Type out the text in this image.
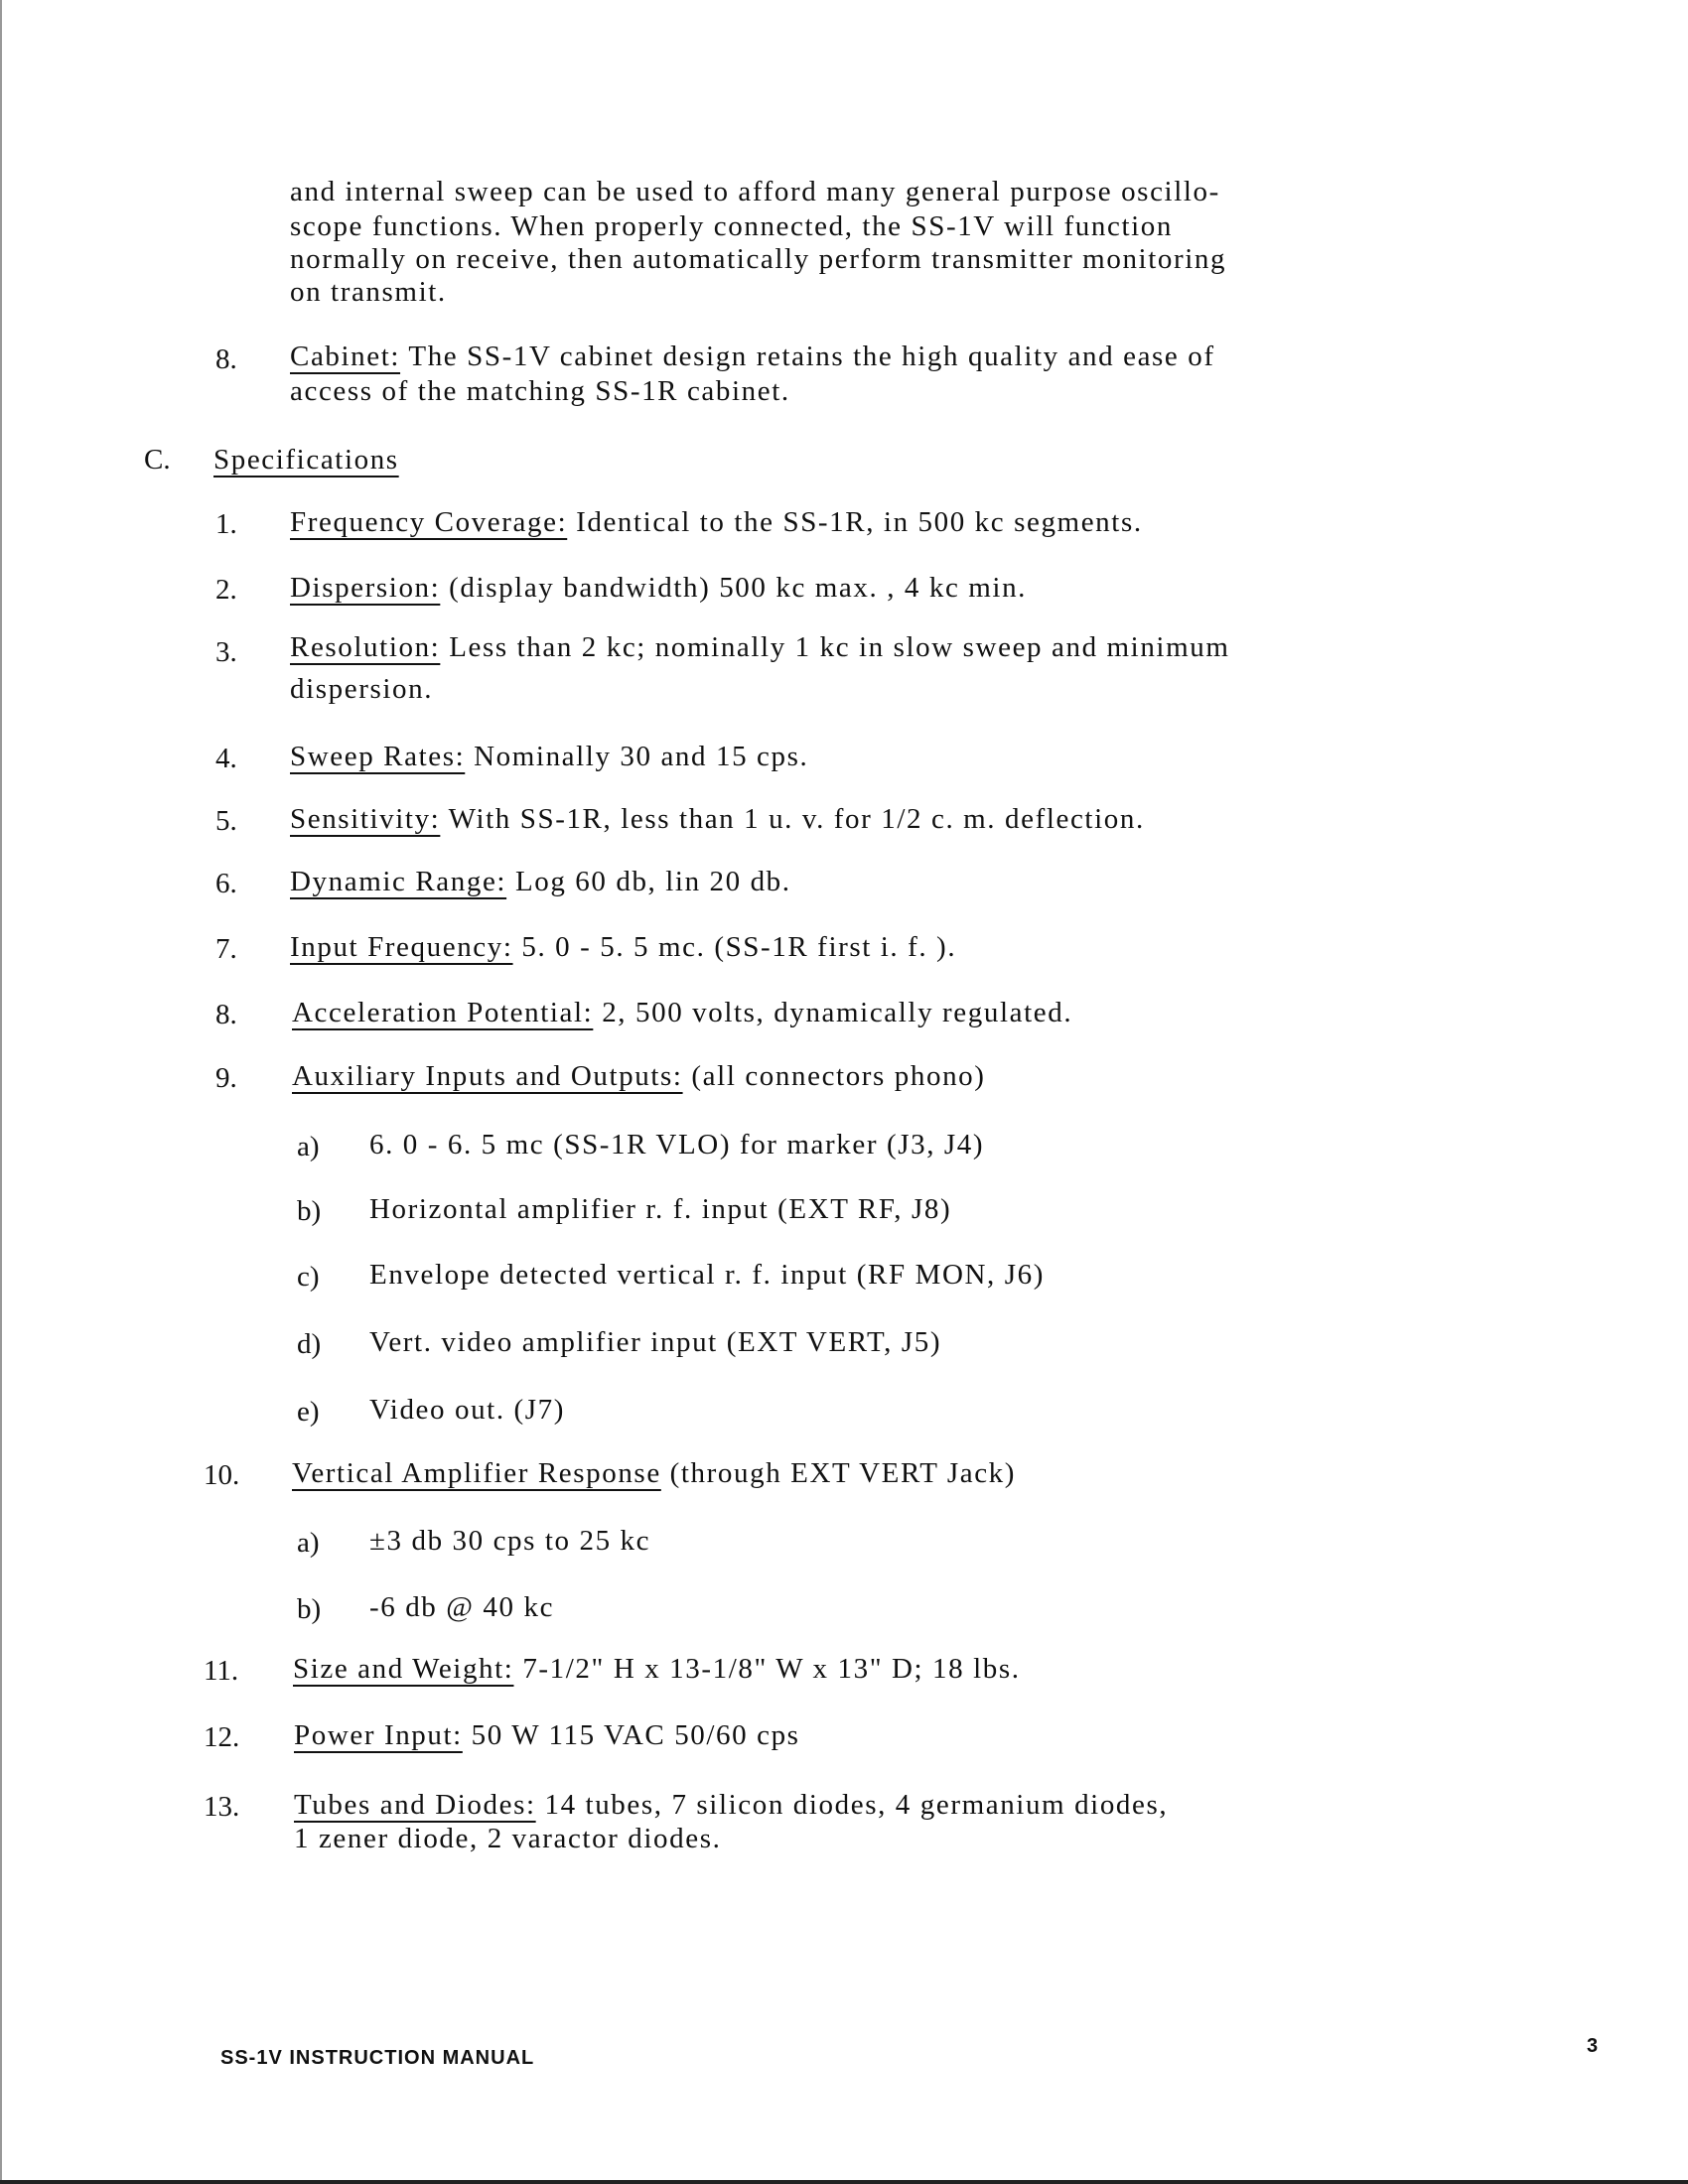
and internal sweep can be used to afford many general purpose oscillo-
scope functions. When properly connected, the SS-1V will function
normally on receive, then automatically perform transmitter monitoring
on transmit.
8. Cabinet: The SS-1V cabinet design retains the high quality and ease of
access of the matching SS-1R cabinet.
C. Specifications
1. Frequency Coverage: Identical to the SS-1R, in 500 kc segments.
2. Dispersion: (display bandwidth) 500 kc max. , 4 kc min.
3. Resolution: Less than 2 kc; nominally 1 kc in slow sweep and minimum
dispersion.
4. Sweep Rates: Nominally 30 and 15 cps.
5. Sensitivity: With SS-1R, less than 1 u. v. for 1/2 c. m. deflection.
6. Dynamic Range: Log 60 db, lin 20 db.
7. Input Frequency: 5. 0 - 5. 5 mc. (SS-1R first i. f. ).
8. Acceleration Potential: 2, 500 volts, dynamically regulated.
9. Auxiliary Inputs and Outputs: (all connectors phono)
a) 6. 0 - 6. 5 mc (SS-1R VLO) for marker (J3, J4)
b) Horizontal amplifier r. f. input (EXT RF, J8)
c) Envelope detected vertical r. f. input (RF MON, J6)
d) Vert. video amplifier input (EXT VERT, J5)
e) Video out. (J7)
10. Vertical Amplifier Response (through EXT VERT Jack)
a) ±3 db 30 cps to 25 kc
b) -6 db @ 40 kc
11. Size and Weight: 7-1/2" H x 13-1/8" W x 13" D; 18 lbs.
12. Power Input: 50 W 115 VAC 50/60 cps
13. Tubes and Diodes: 14 tubes, 7 silicon diodes, 4 germanium diodes,
1 zener diode, 2 varactor diodes.
SS-1V INSTRUCTION MANUAL
3
